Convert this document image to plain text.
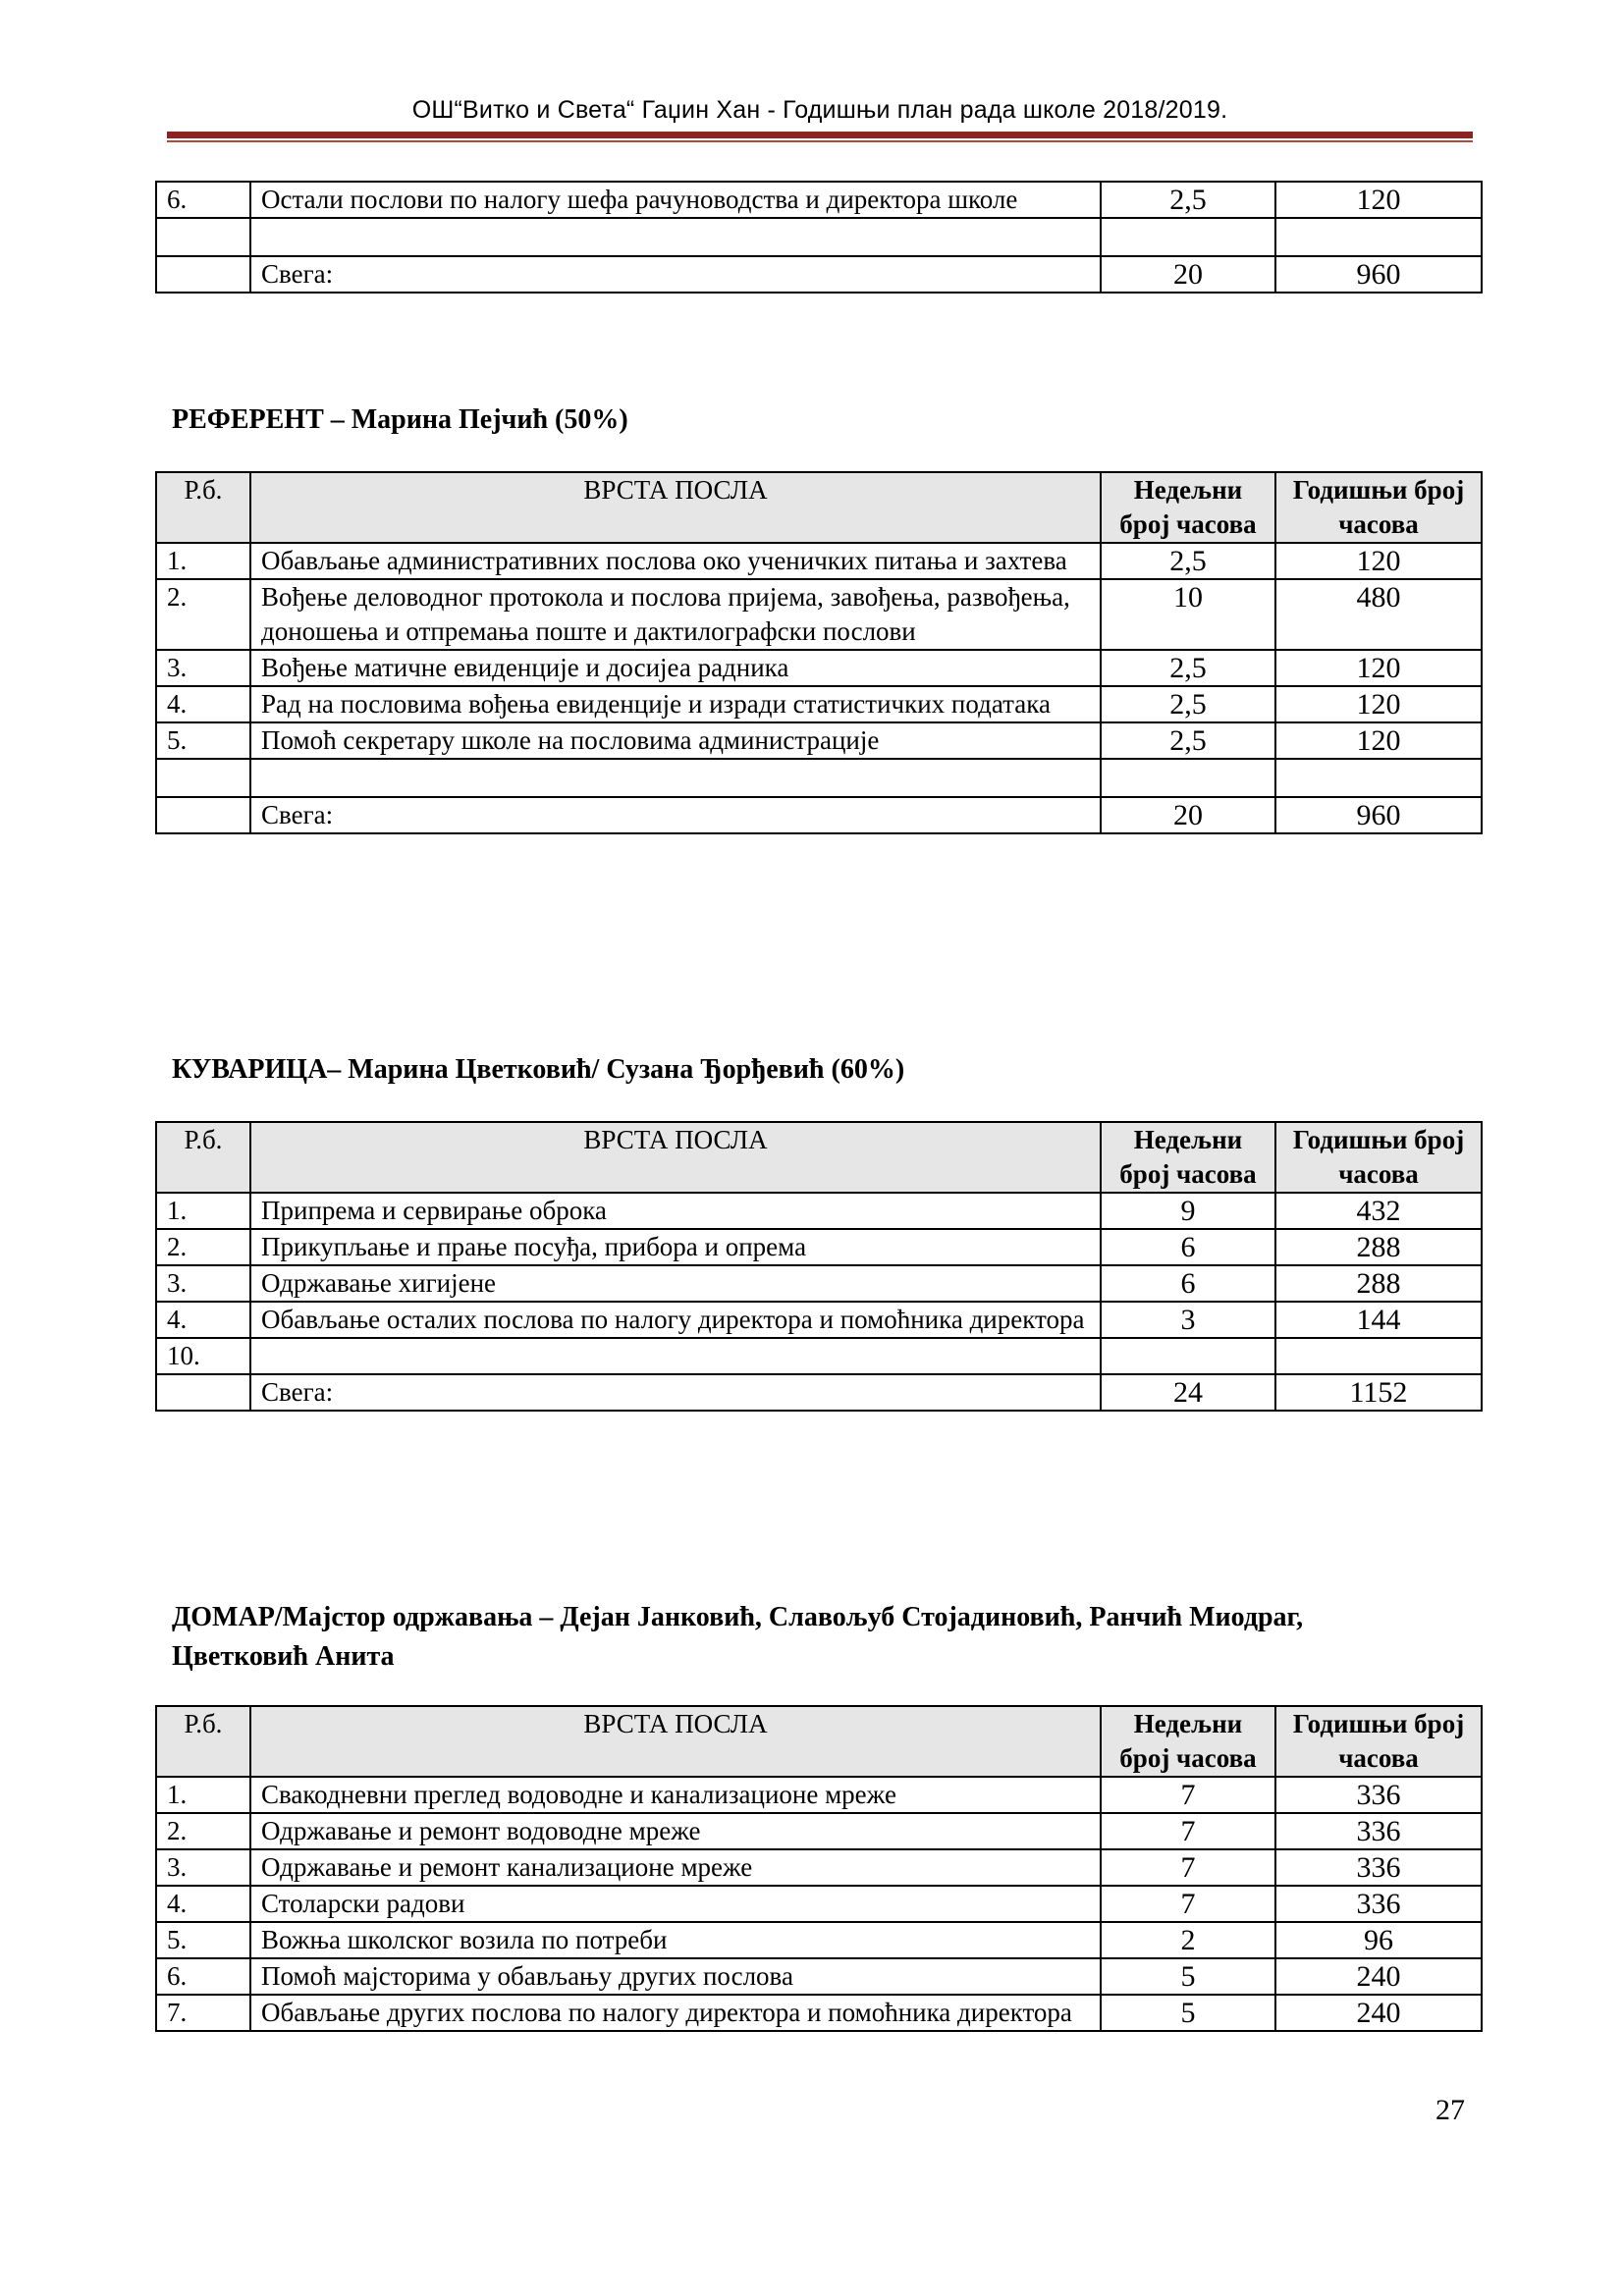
ОШ“Витко и Света“ Гаџин Хан - Годишњи план рада школе 2018/2019.
6.	Остали послови по налогу шефа рачуноводства и директора школе	2,5	120

	Свега:	20	960
РЕФЕРЕНТ – Марина Пејчић (50%)
Р.б.	ВРСТА ПОСЛА	Недељни број часова	Годишњи број часова
1.	Обављање административних послова око ученичких питања и захтева	2,5	120
2.	Вођење деловодног протокола и послова пријема, завођења, развођења, доношења и отпремања поште и дактилографски послови	10	480
3.	Вођење матичне евиденције и досијеа радника	2,5	120
4.	Рад на пословима вођења евиденције и изради статистичких података	2,5	120
5.	Помоћ секретару школе на пословима администрације	2,5	120

	Свега:	20	960
КУВАРИЦА– Марина Цветковић/ Сузана Ђорђевић (60%)
Р.б.	ВРСТА ПОСЛА	Недељни број часова	Годишњи број часова
1.	Припрема и сервирање оброка	9	432
2.	Прикупљање и прање посуђа, прибора и опрема	6	288
3.	Одржавање хигијене	6	288
4.	Обављање осталих послова по налогу директора и помоћника директора	3	144
10.			
	Свега:	24	1152
ДОМАР/Мајстор одржавања – Дејан Јанковић, Славољуб Стојадиновић, Ранчић Миодраг,
Цветковић Анита
Р.б.	ВРСТА ПОСЛА	Недељни број часова	Годишњи број часова
1.	Свакодневни преглед водоводне и канализационе мреже	7	336
2.	Одржавање и ремонт водоводне мреже	7	336
3.	Одржавање и ремонт канализационе мреже	7	336
4.	Столарски радови	7	336
5.	Вожња школског возила по потреби	2	96
6.	Помоћ мајсторима у обављању других послова	5	240
7.	Обављање других послова по налогу директора и помоћника директора	5	240
27
